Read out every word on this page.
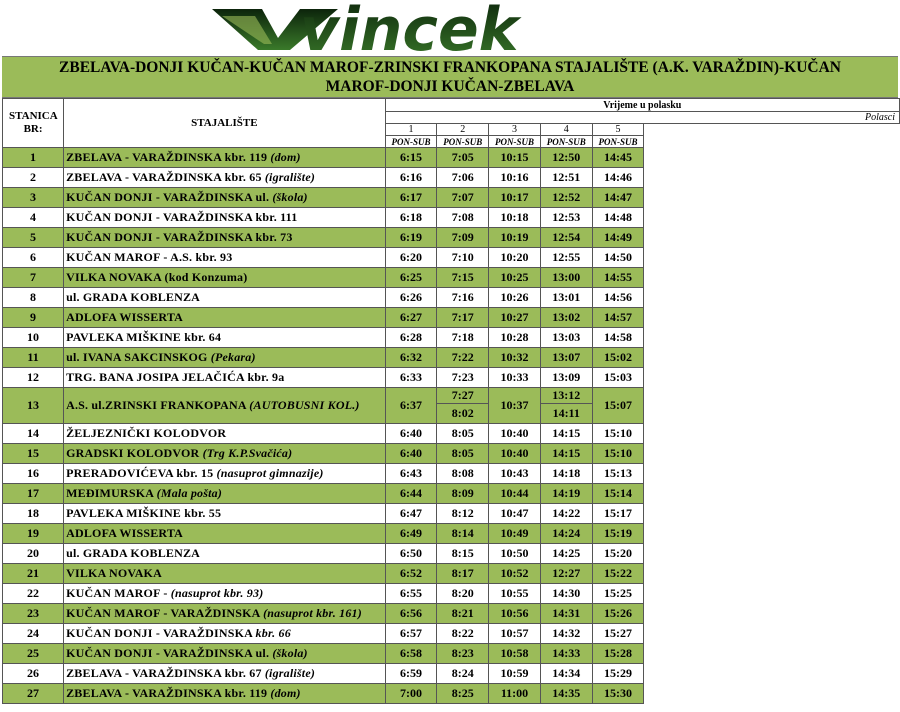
vincek
ZBELAVA-DONJI KUČAN-KUČAN MAROF-ZRINSKI FRANKOPANA STAJALIŠTE (A.K. VARAŽDIN)-KUČAN MAROF-DONJI KUČAN-ZBELAVA
STANICA BR:	STAJALIŠTE	Vrijeme u polasku					
		Polasci					
		1	2	3	4	5	
		PON-SUB	PON-SUB	PON-SUB	PON-SUB	PON-SUB	
1	ZBELAVA - VARAŽDINSKA kbr. 119 (dom)	6:15	7:05	10:15	12:50	14:45	
2	ZBELAVA - VARAŽDINSKA kbr. 65 (igralište)	6:16	7:06	10:16	12:51	14:46	
3	KUČAN DONJI - VARAŽDINSKA ul. (škola)	6:17	7:07	10:17	12:52	14:47	
4	KUČAN DONJI - VARAŽDINSKA kbr. 111	6:18	7:08	10:18	12:53	14:48	
5	KUČAN DONJI - VARAŽDINSKA kbr. 73	6:19	7:09	10:19	12:54	14:49	
6	KUČAN MAROF - A.S. kbr. 93	6:20	7:10	10:20	12:55	14:50	
7	VILKA NOVAKA (kod Konzuma)	6:25	7:15	10:25	13:00	14:55	
8	ul. GRADA KOBLENZA	6:26	7:16	10:26	13:01	14:56	
9	ADLOFA WISSERTA	6:27	7:17	10:27	13:02	14:57	
10	PAVLEKA MIŠKINE kbr. 64	6:28	7:18	10:28	13:03	14:58	
11	ul. IVANA SAKCINSKOG (Pekara)	6:32	7:22	10:32	13:07	15:02	
12	TRG. BANA JOSIPA JELAČIĆA kbr. 9a	6:33	7:23	10:33	13:09	15:03	
13	A.S. ul.ZRINSKI FRANKOPANA (AUTOBUSNI KOL.)	6:37	7:27	10:37	13:12	15:07	
			8:02		14:11		
14	ŽELJEZNIČKI KOLODVOR	6:40	8:05	10:40	14:15	15:10	
15	GRADSKI KOLODVOR (Trg K.P.Svačića)	6:40	8:05	10:40	14:15	15:10	
16	PRERADOVIĆEVA kbr. 15 (nasuprot gimnazije)	6:43	8:08	10:43	14:18	15:13	
17	MEĐIMURSKA (Mala pošta)	6:44	8:09	10:44	14:19	15:14	
18	PAVLEKA MIŠKINE kbr. 55	6:47	8:12	10:47	14:22	15:17	
19	ADLOFA WISSERTA	6:49	8:14	10:49	14:24	15:19	
20	ul. GRADA KOBLENZA	6:50	8:15	10:50	14:25	15:20	
21	VILKA NOVAKA	6:52	8:17	10:52	12:27	15:22	
22	KUČAN MAROF - (nasuprot kbr. 93)	6:55	8:20	10:55	14:30	15:25	
23	KUČAN MAROF - VARAŽDINSKA (nasuprot kbr. 161)	6:56	8:21	10:56	14:31	15:26	
24	KUČAN DONJI - VARAŽDINSKA kbr. 66	6:57	8:22	10:57	14:32	15:27	
25	KUČAN DONJI - VARAŽDINSKA ul. (škola)	6:58	8:23	10:58	14:33	15:28	
26	ZBELAVA - VARAŽDINSKA kbr. 67 (igralište)	6:59	8:24	10:59	14:34	15:29	
27	ZBELAVA - VARAŽDINSKA kbr. 119 (dom)	7:00	8:25	11:00	14:35	15:30	
